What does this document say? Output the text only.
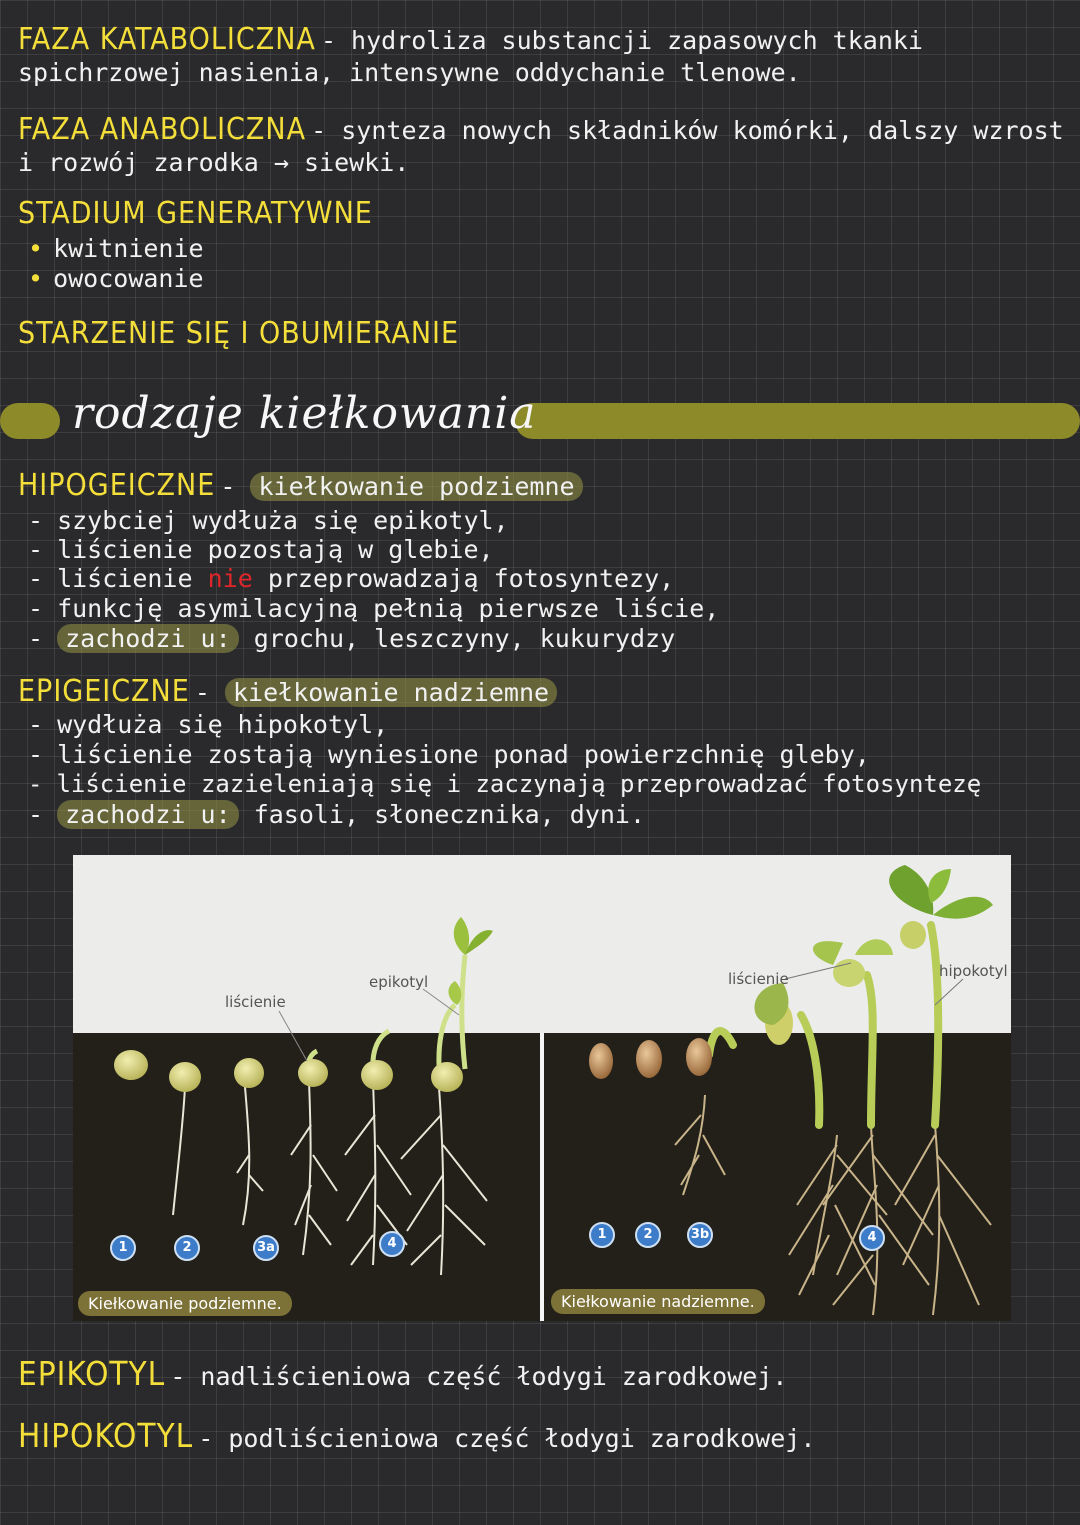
FAZA KATABOLICZNA - hydroliza substancji zapasowych tkanki
spichrzowej nasienia, intensywne oddychanie tlenowe.
FAZA ANABOLICZNA - synteza nowych składników komórki, dalszy wzrost
i rozwój zarodka → siewki.
STADIUM GENERATYWNE
• kwitnienie
• owocowanie
STARZENIE SIĘ I OBUMIERANIE
rodzaje kiełkowania
HIPOGEICZNE - kiełkowanie podziemne
- szybciej wydłuża się epikotyl,
- liścienie pozostają w glebie,
- liścienie nie przeprowadzają fotosyntezy,
- funkcję asymilacyjną pełnią pierwsze liście,
- zachodzi u: grochu, leszczyny, kukurydzy
EPIGEICZNE - kiełkowanie nadziemne
- wydłuża się hipokotyl,
- liścienie zostają wyniesione ponad powierzchnię gleby,
- liścienie zazieleniają się i zaczynają przeprowadzać fotosyntezę
- zachodzi u: fasoli, słonecznika, dyni.
liścienie
epikotyl	liścienie	hipokotyl
1	2	3a	4
1	2	3b	4
Kiełkowanie podziemne.	Kiełkowanie nadziemne.
EPIKOTYL - nadliścieniowa część łodygi zarodkowej.
HIPOKOTYL - podliścieniowa część łodygi zarodkowej.
